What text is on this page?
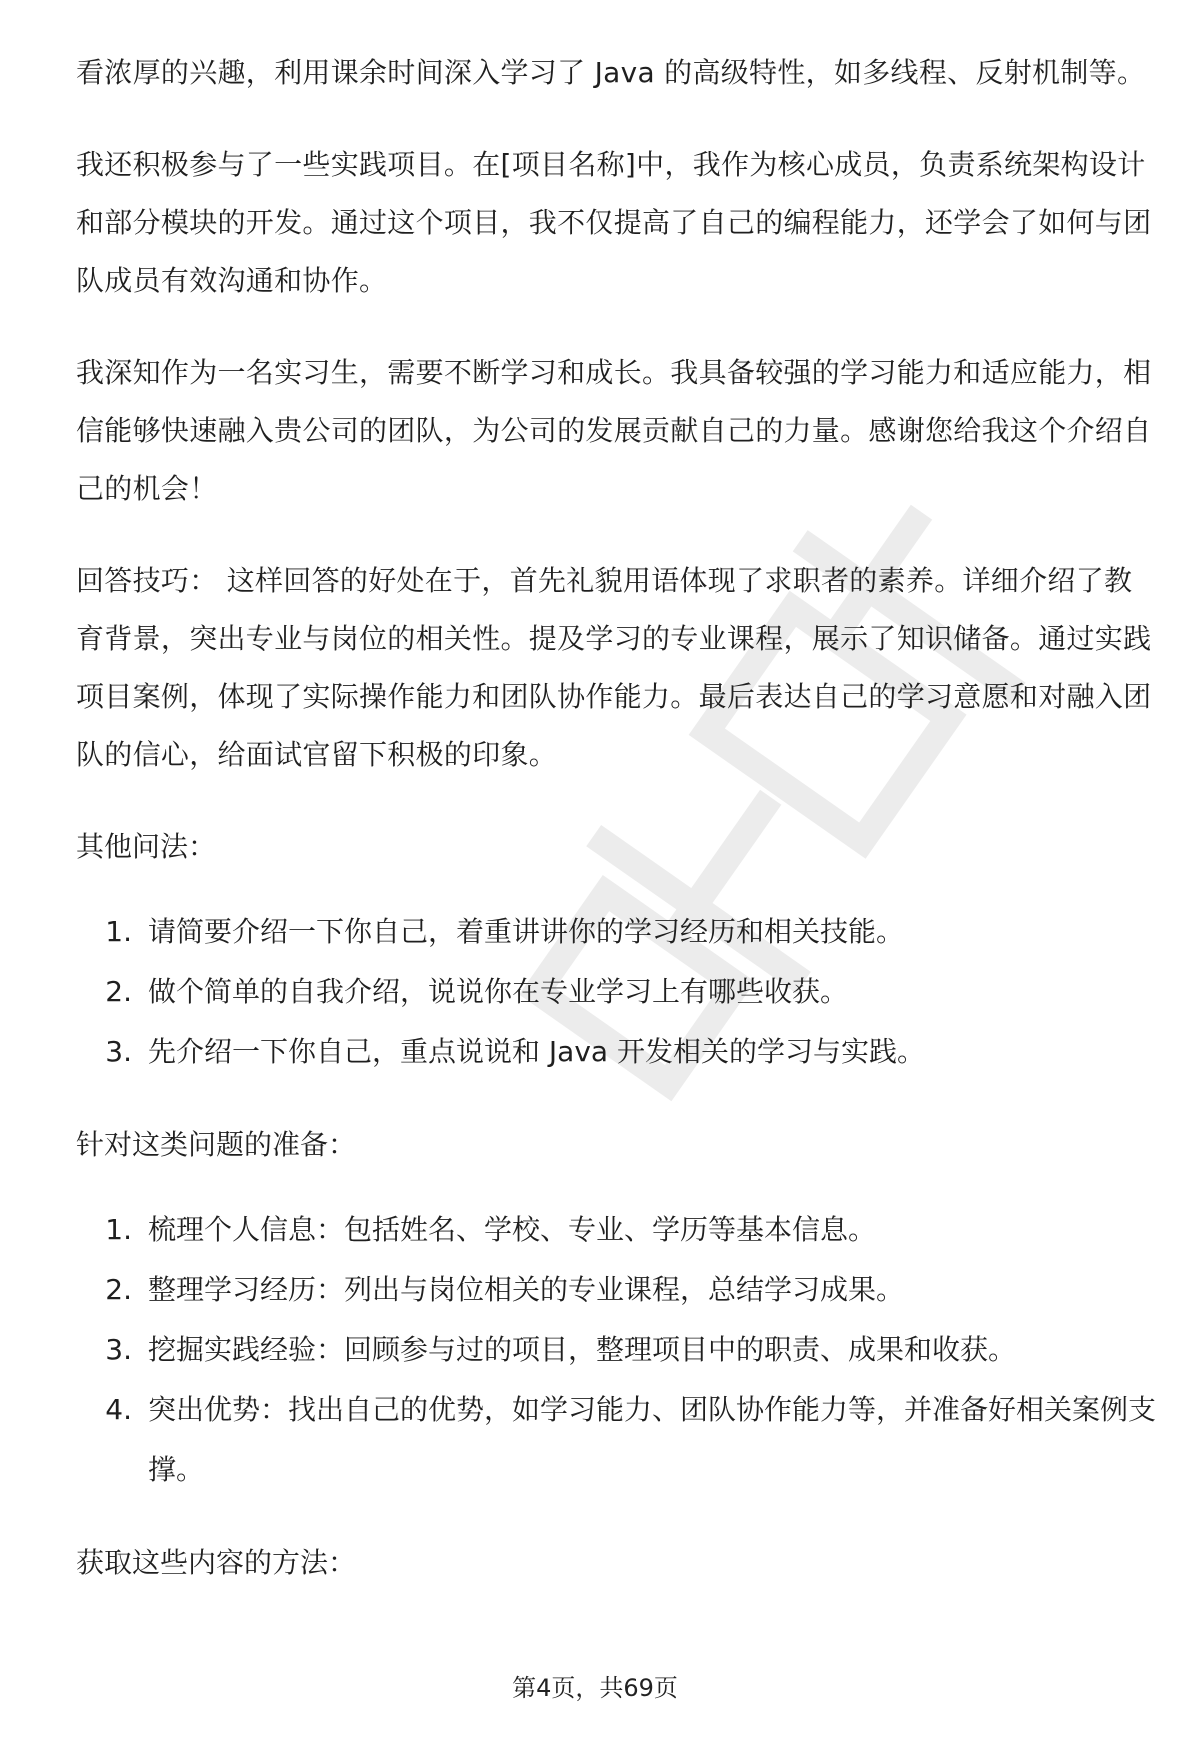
看浓厚的兴趣，利用课余时间深入学习了 Java 的高级特性，如多线程、反射机制等。

我还积极参与了一些实践项目。在[项目名称]中，我作为核心成员，负责系统架构设计和部分模块的开发。通过这个项目，我不仅提高了自己的编程能力，还学会了如何与团队成员有效沟通和协作。

我深知作为一名实习生，需要不断学习和成长。我具备较强的学习能力和适应能力，相信能够快速融入贵公司的团队，为公司的发展贡献自己的力量。感谢您给我这个介绍自己的机会！

回答技巧： 这样回答的好处在于，首先礼貌用语体现了求职者的素养。详细介绍了教育背景，突出专业与岗位的相关性。提及学习的专业课程，展示了知识储备。通过实践项目案例，体现了实际操作能力和团队协作能力。最后表达自己的学习意愿和对融入团队的信心，给面试官留下积极的印象。

其他问法：

1. 请简要介绍一下你自己，着重讲讲你的学习经历和相关技能。
2. 做个简单的自我介绍，说说你在专业学习上有哪些收获。
3. 先介绍一下你自己，重点说说和 Java 开发相关的学习与实践。

针对这类问题的准备：

1. 梳理个人信息：包括姓名、学校、专业、学历等基本信息。
2. 整理学习经历：列出与岗位相关的专业课程，总结学习成果。
3. 挖掘实践经验：回顾参与过的项目，整理项目中的职责、成果和收获。
4. 突出优势：找出自己的优势，如学习能力、团队协作能力等，并准备好相关案例支撑。

获取这些内容的方法：

第4页，共69页
